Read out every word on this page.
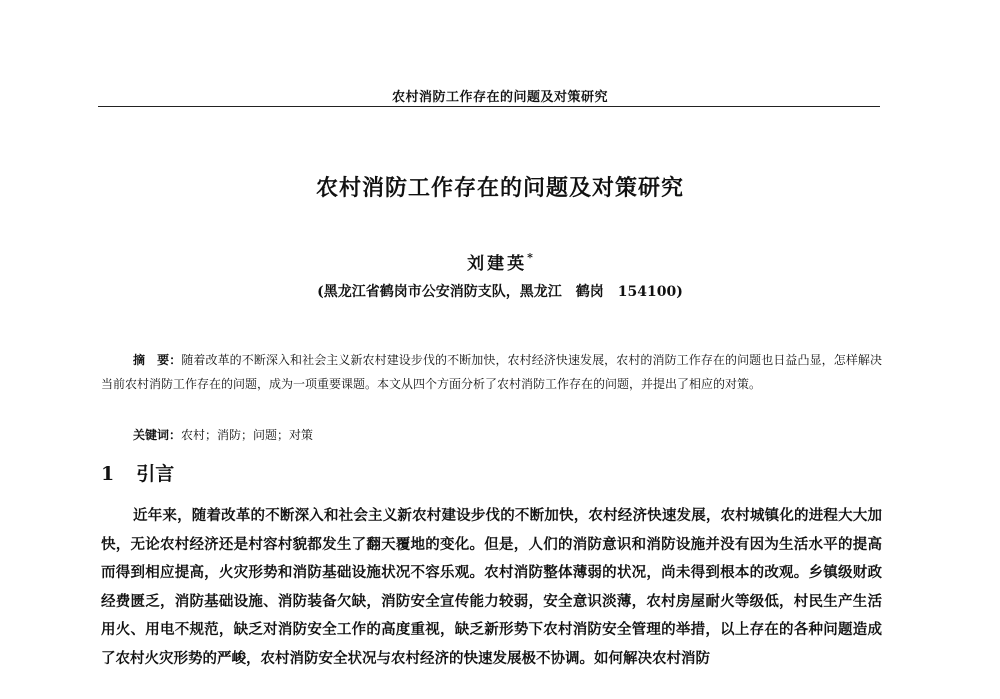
农村消防工作存在的问题及对策研究
农村消防工作存在的问题及对策研究
刘建英*
(黑龙江省鹤岗市公安消防支队，黑龙江　鹤岗　154100)

摘　要：随着改革的不断深入和社会主义新农村建设步伐的不断加快，农村经济快速发展，农村的消防工作存在的问题也日益凸显，怎样解决当前农村消防工作存在的问题，成为一项重要课题。本文从四个方面分析了农村消防工作存在的问题，并提出了相应的对策。

关键词：农村；消防；问题；对策

1 引言

近年来，随着改革的不断深入和社会主义新农村建设步伐的不断加快，农村经济快速发展，农村城镇化的进程大大加快，无论农村经济还是村容村貌都发生了翻天覆地的变化。但是，人们的消防意识和消防设施并没有因为生活水平的提高而得到相应提高，火灾形势和消防基础设施状况不容乐观。农村消防整体薄弱的状况，尚未得到根本的改观。乡镇级财政经费匮乏，消防基础设施、消防装备欠缺，消防安全宣传能力较弱，安全意识淡薄，农村房屋耐火等级低，村民生产生活用火、用电不规范，缺乏对消防安全工作的高度重视，缺乏新形势下农村消防安全管理的举措，以上存在的各种问题造成了农村火灾形势的严峻，农村消防安全状况与农村经济的快速发展极不协调。如何解决农村消防
